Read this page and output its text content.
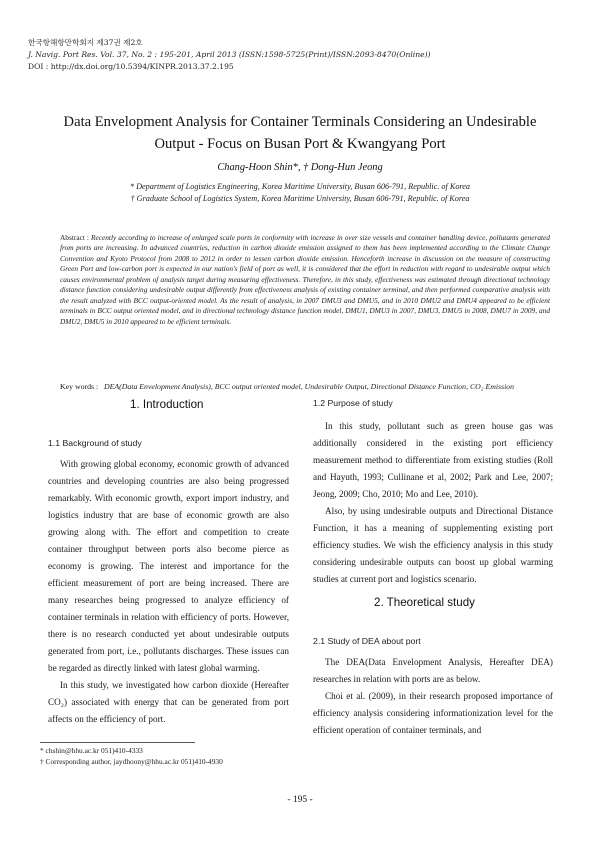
한국항해항만학회지 제37권 제2호
J. Navig. Port Res. Vol. 37, No. 2 : 195-201, April 2013 (ISSN:1598-5725(Print)/ISSN:2093-8470(Online))
DOI : http://dx.doi.org/10.5394/KINPR.2013.37.2.195
Data Envelopment Analysis for Container Terminals Considering an Undesirable
Output - Focus on Busan Port & Kwangyang Port
Chang-Hoon Shin*, † Dong-Hun Jeong
* Department of Logistics Engineering, Korea Maritime University, Busan 606-791, Republic. of Korea
† Graduate School of Logistics System, Korea Maritime University, Busan 606-791, Republic. of Korea
Abstract : Recently according to increase of enlarged scale ports in conformity with increase in over size vessels and container handling device, pollutants generated from ports are increasing. In advanced countries, reduction in carbon dioxide emission assigned to them has been implemented according to the Climate Change Convention and Kyoto Protocol from 2008 to 2012 in order to lessen carbon dioxide emission. Henceforth increase in discussion on the measure of constructing Green Port and low-carbon port is expected in our nation's field of port as well, it is considered that the effort in reduction with regard to undesirable output which causes environmental problem of analysis target during measuring effectiveness. Therefore, in this study, effectiveness was estimated through directional technology distance function considering undesirable output differently from effectiveness analysis of existing container terminal, and then performed comparative analysis with the result analyzed with BCC output-oriented model. As the result of analysis, in 2007 DMU3 and DMU5, and in 2010 DMU2 and DMU4 appeared to be efficient terminals in BCC output oriented model, and in directional technology distance function model, DMU1, DMU3 in 2007, DMU3, DMU5 in 2008, DMU7 in 2009, and DMU2, DMU5 in 2010 appeared to be efficient terminals.
Key words : DEA(Data Envelopment Analysis), BCC output oriented model, Undesirable Output, Directional Distance Function, CO₂ Emission
1. Introduction
1.1 Background of study

With growing global economy, economic growth of advanced countries and developing countries are also being progressed remarkably. With economic growth, export import industry, and logistics industry that are base of economic growth are also growing along with. The effort and competition to create container throughput between ports also become pierce as economy is growing. The interest and importance for the efficient measurement of port are being increased. There are many researches being progressed to analyze efficiency of container terminals in relation with efficiency of ports. However, there is no research conducted yet about undesirable outputs generated from port, i.e., pollutants discharges. These issues can be regarded as directly linked with latest global warming.

In this study, we investigated how carbon dioxide (Hereafter CO₂) associated with energy that can be generated from port affects on the efficiency of port.

1.2 Purpose of study

In this study, pollutant such as green house gas was additionally considered in the existing port efficiency measurement method to differentiate from existing studies (Roll and Hayuth, 1993; Cullinane et al, 2002; Park and Lee, 2007; Jeong, 2009; Cho, 2010; Mo and Lee, 2010).

Also, by using undesirable outputs and Directional Distance Function, it has a meaning of supplementing existing port efficiency studies. We wish the efficiency analysis in this study considering undesirable outputs can boost up global warming studies at current port and logistics scenario.

2. Theoretical study
2.1 Study of DEA about port

The DEA(Data Envelopment Analysis, Hereafter DEA) researches in relation with ports are as below.

Choi et al. (2009), in their research proposed importance of efficiency analysis considering informationization level for the efficient operation of container terminals, and

* chshin@hhu.ac.kr 051)410-4333
† Corresponding author, jaydhoony@hhu.ac.kr 051)410-4930
- 195 -
